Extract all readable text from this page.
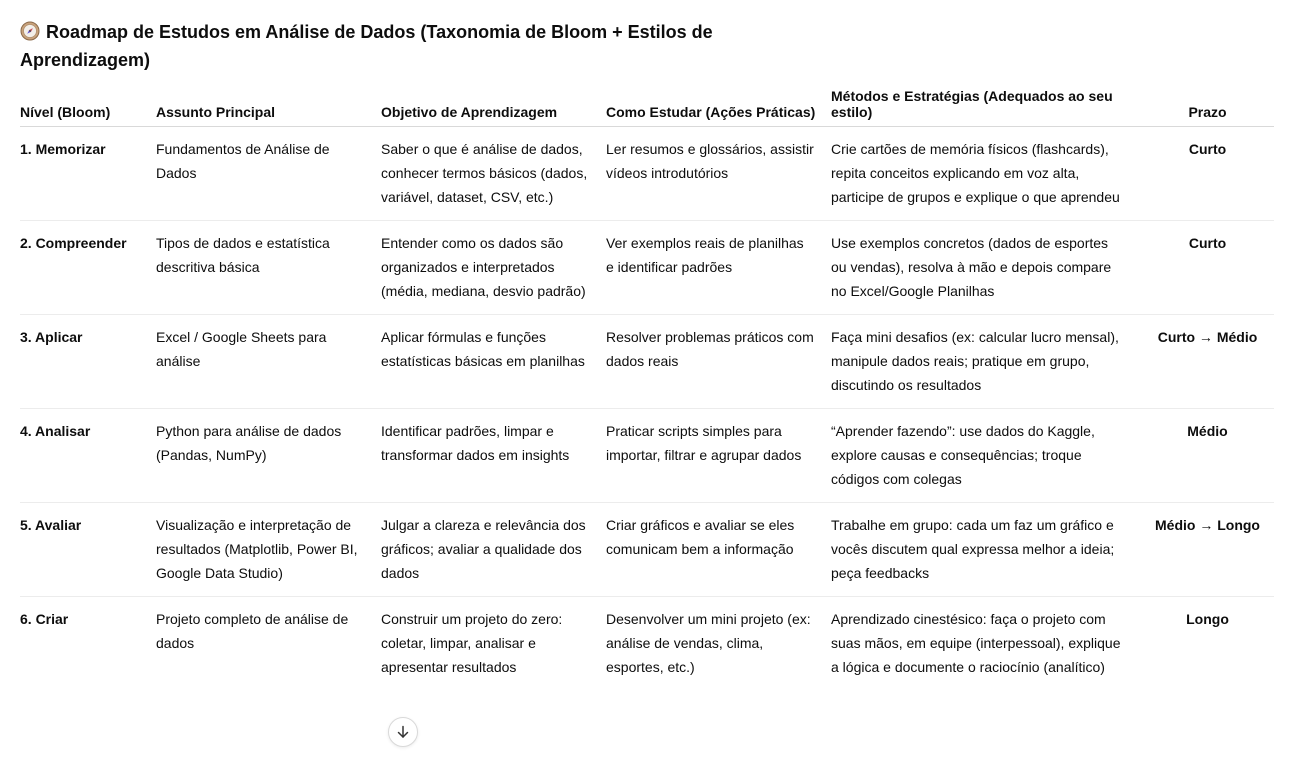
Roadmap de Estudos em Análise de Dados (Taxonomia de Bloom + Estilos de Aprendizagem)
Nível (Bloom)	Assunto Principal	Objetivo de Aprendizagem	Como Estudar (Ações Práticas)	Métodos e Estratégias (Adequados ao seu estilo)	Prazo
1. Memorizar	Fundamentos de Análise de Dados	Saber o que é análise de dados, conhecer termos básicos (dados, variável, dataset, CSV, etc.)	Ler resumos e glossários, assistir vídeos introdutórios	Crie cartões de memória físicos (flashcards), repita conceitos explicando em voz alta, participe de grupos e explique o que aprendeu	Curto
2. Compreender	Tipos de dados e estatística descritiva básica	Entender como os dados são organizados e interpretados (média, mediana, desvio padrão)	Ver exemplos reais de planilhas e identificar padrões	Use exemplos concretos (dados de esportes ou vendas), resolva à mão e depois compare no Excel/Google Planilhas	Curto
3. Aplicar	Excel / Google Sheets para análise	Aplicar fórmulas e funções estatísticas básicas em planilhas	Resolver problemas práticos com dados reais	Faça mini desafios (ex: calcular lucro mensal), manipule dados reais; pratique em grupo, discutindo os resultados	Curto → Médio
4. Analisar	Python para análise de dados (Pandas, NumPy)	Identificar padrões, limpar e transformar dados em insights	Praticar scripts simples para importar, filtrar e agrupar dados	“Aprender fazendo”: use dados do Kaggle, explore causas e consequências; troque códigos com colegas	Médio
5. Avaliar	Visualização e interpretação de resultados (Matplotlib, Power BI, Google Data Studio)	Julgar a clareza e relevância dos gráficos; avaliar a qualidade dos dados	Criar gráficos e avaliar se eles comunicam bem a informação	Trabalhe em grupo: cada um faz um gráfico e vocês discutem qual expressa melhor a ideia; peça feedbacks	Médio → Longo
6. Criar	Projeto completo de análise de dados	Construir um projeto do zero: coletar, limpar, analisar e apresentar resultados	Desenvolver um mini projeto (ex: análise de vendas, clima, esportes, etc.)	Aprendizado cinestésico: faça o projeto com suas mãos, em equipe (interpessoal), explique a lógica e documente o raciocínio (analítico)	Longo
